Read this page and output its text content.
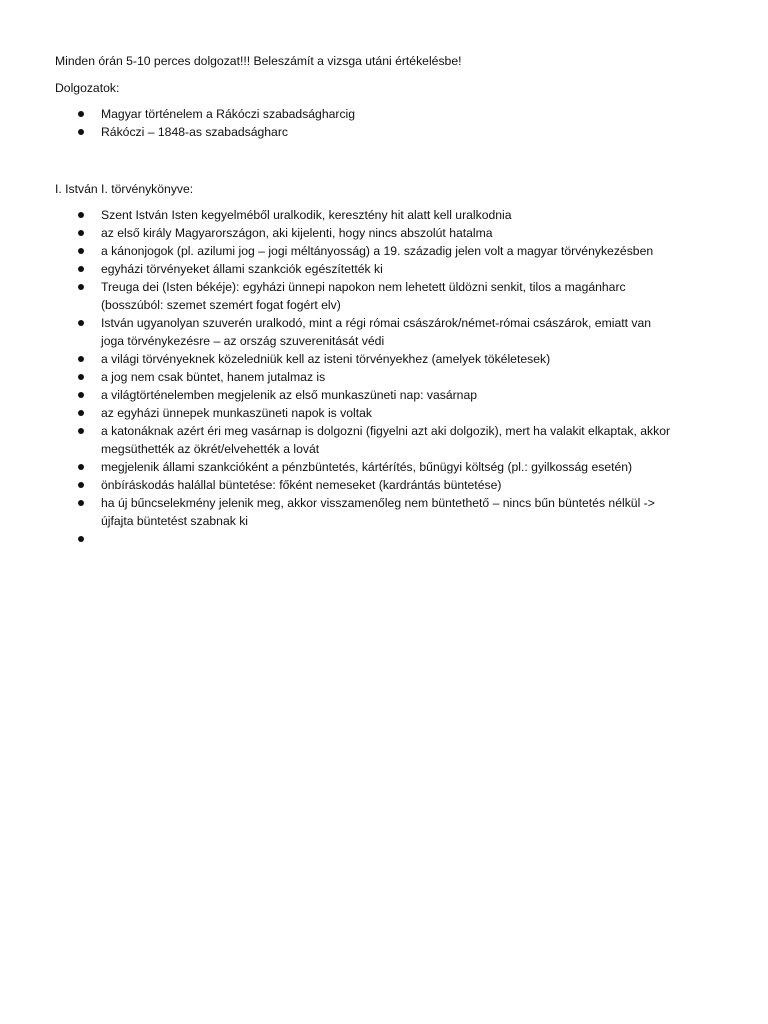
Minden órán 5-10 perces dolgozat!!! Beleszámít a vizsga utáni értékelésbe!

Dolgozatok:

Magyar történelem a Rákóczi szabadságharcig
Rákóczi – 1848-as szabadságharc

I. István I. törvénykönyve:

Szent István Isten kegyelméből uralkodik, keresztény hit alatt kell uralkodnia
az első király Magyarországon, aki kijelenti, hogy nincs abszolút hatalma
a kánonjogok (pl. azilumi jog – jogi méltányosság) a 19. századig jelen volt a magyar törvénykezésben
egyházi törvényeket állami szankciók egészítették ki
Treuga dei (Isten békéje): egyházi ünnepi napokon nem lehetett üldözni senkit, tilos a magánharc
(bosszúból: szemet szemért fogat fogért elv)
István ugyanolyan szuverén uralkodó, mint a régi római császárok/német-római császárok, emiatt van
joga törvénykezésre – az ország szuverenitását védi
a világi törvényeknek közeledniük kell az isteni törvényekhez (amelyek tökéletesek)
a jog nem csak büntet, hanem jutalmaz is
a világtörténelemben megjelenik az első munkaszüneti nap: vasárnap
az egyházi ünnepek munkaszüneti napok is voltak
a katonáknak azért éri meg vasárnap is dolgozni (figyelni azt aki dolgozik), mert ha valakit elkaptak, akkor
megsüthették az ökrét/elvehették a lovát
megjelenik állami szankcióként a pénzbüntetés, kártérítés, bűnügyi költség (pl.: gyilkosság esetén)
önbíráskodás halállal büntetése: főként nemeseket (kardrántás büntetése)
ha új bűncselekmény jelenik meg, akkor visszamenőleg nem büntethető – nincs bűn büntetés nélkül ->
újfajta büntetést szabnak ki
